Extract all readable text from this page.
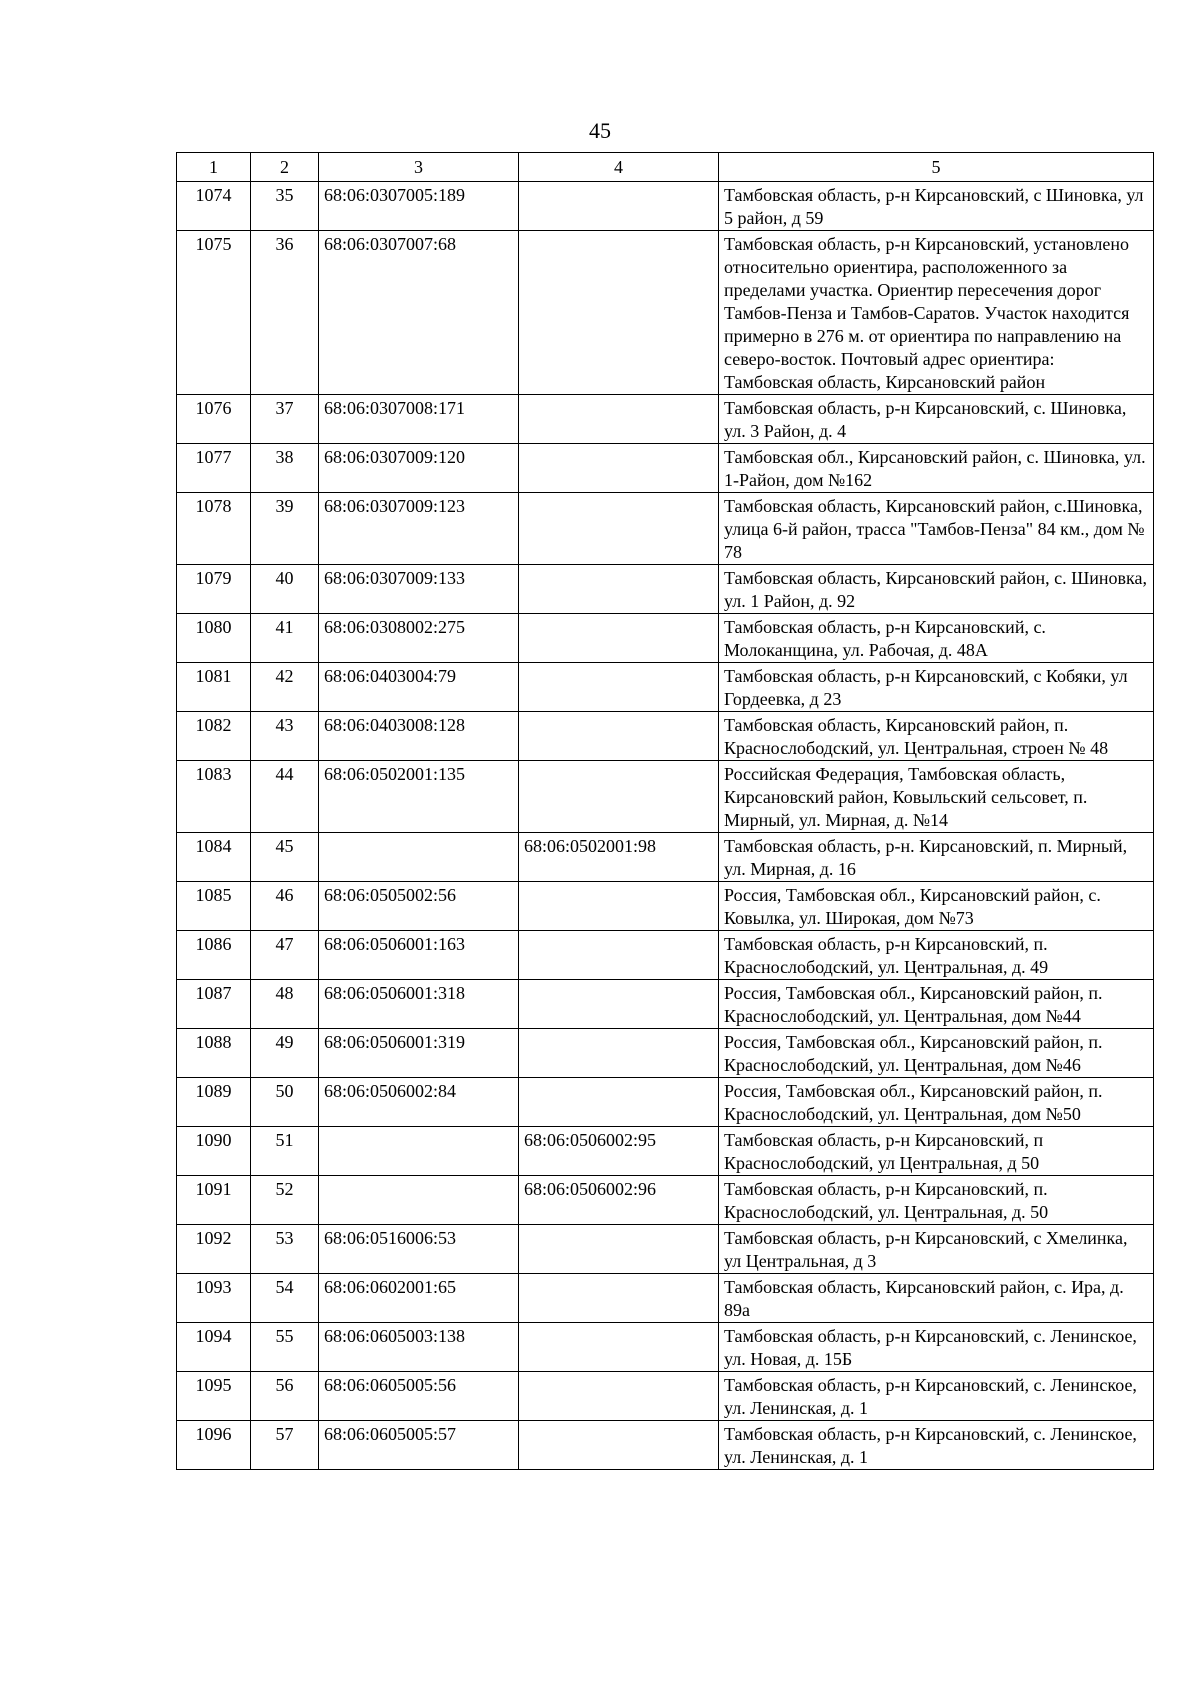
45
1	2	3	4	5
1074	35	68:06:0307005:189		Тамбовская область, р-н Кирсановский, с Шиновка, ул 5 район, д 59
1075	36	68:06:0307007:68		Тамбовская область, р-н Кирсановский, установлено относительно ориентира, расположенного за пределами участка. Ориентир пересечения дорог Тамбов-Пенза и Тамбов-Саратов. Участок находится примерно в 276 м. от ориентира по направлению на северо-восток. Почтовый адрес ориентира: Тамбовская область, Кирсановский район
1076	37	68:06:0307008:171		Тамбовская область, р-н Кирсановский, с. Шиновка, ул. 3 Район, д. 4
1077	38	68:06:0307009:120		Тамбовская обл., Кирсановский район, с. Шиновка, ул. 1-Район, дом №162
1078	39	68:06:0307009:123		Тамбовская область, Кирсановский район, с.Шиновка, улица 6-й район, трасса "Тамбов-Пенза" 84 км., дом № 78
1079	40	68:06:0307009:133		Тамбовская область, Кирсановский район, с. Шиновка, ул. 1 Район, д. 92
1080	41	68:06:0308002:275		Тамбовская область, р-н Кирсановский, с. Молоканщина, ул. Рабочая, д. 48А
1081	42	68:06:0403004:79		Тамбовская область, р-н Кирсановский, с Кобяки, ул Гордеевка, д 23
1082	43	68:06:0403008:128		Тамбовская область, Кирсановский район, п. Краснослободский, ул. Центральная, строен № 48
1083	44	68:06:0502001:135		Российская Федерация, Тамбовская область, Кирсановский район, Ковыльский сельсовет, п. Мирный, ул. Мирная, д. №14
1084	45		68:06:0502001:98	Тамбовская область, р-н. Кирсановский, п. Мирный, ул. Мирная, д. 16
1085	46	68:06:0505002:56		Россия, Тамбовская обл., Кирсановский район, с. Ковылка, ул. Широкая, дом №73
1086	47	68:06:0506001:163		Тамбовская область, р-н Кирсановский, п. Краснослободский, ул. Центральная, д. 49
1087	48	68:06:0506001:318		Россия, Тамбовская обл., Кирсановский район, п. Краснослободский, ул. Центральная, дом №44
1088	49	68:06:0506001:319		Россия, Тамбовская обл., Кирсановский район, п. Краснослободский, ул. Центральная, дом №46
1089	50	68:06:0506002:84		Россия, Тамбовская обл., Кирсановский район, п. Краснослободский, ул. Центральная, дом №50
1090	51		68:06:0506002:95	Тамбовская область, р-н Кирсановский, п Краснослободский, ул Центральная, д 50
1091	52		68:06:0506002:96	Тамбовская область, р-н Кирсановский, п. Краснослободский, ул. Центральная, д. 50
1092	53	68:06:0516006:53		Тамбовская область, р-н Кирсановский, с Хмелинка, ул Центральная, д 3
1093	54	68:06:0602001:65		Тамбовская область, Кирсановский район, с. Ира, д. 89а
1094	55	68:06:0605003:138		Тамбовская область, р-н Кирсановский, с. Ленинское, ул. Новая, д. 15Б
1095	56	68:06:0605005:56		Тамбовская область, р-н Кирсановский, с. Ленинское, ул. Ленинская, д. 1
1096	57	68:06:0605005:57		Тамбовская область, р-н Кирсановский, с. Ленинское, ул. Ленинская, д. 1
